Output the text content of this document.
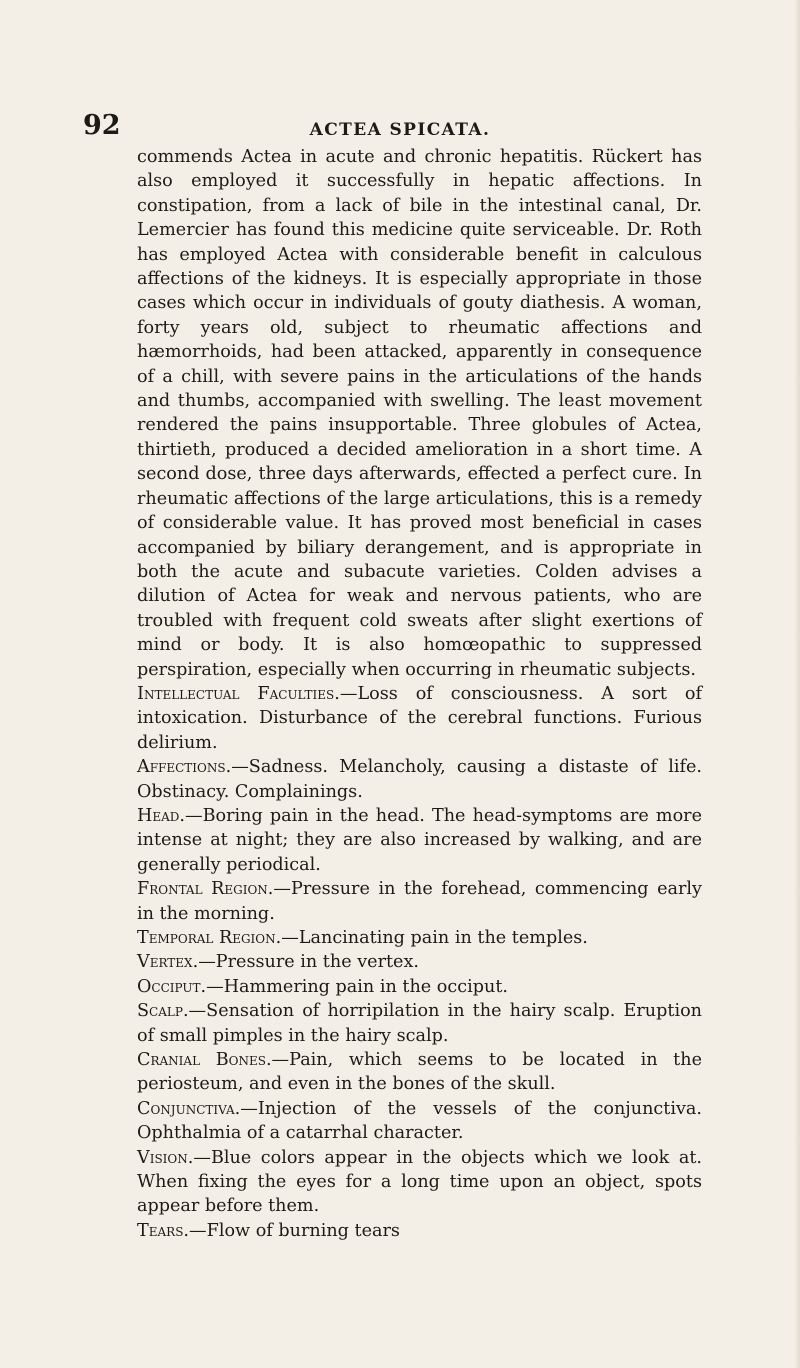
92	ACTEA SPICATA.

commends Actea in acute and chronic hepatitis. Rückert has also employed it successfully in hepatic affections. In constipation, from a lack of bile in the intestinal canal, Dr. Lemercier has found this medicine quite serviceable. Dr. Roth has employed Actea with considerable benefit in calculous affections of the kidneys. It is especially appropriate in those cases which occur in individuals of gouty diathesis. A woman, forty years old, subject to rheumatic affections and hæmorrhoids, had been attacked, apparently in consequence of a chill, with severe pains in the articulations of the hands and thumbs, accompanied with swelling. The least movement rendered the pains insupportable. Three globules of Actea, thirtieth, produced a decided amelioration in a short time. A second dose, three days afterwards, effected a perfect cure. In rheumatic affections of the large articulations, this is a remedy of considerable value. It has proved most beneficial in cases accompanied by biliary derangement, and is appropriate in both the acute and subacute varieties. Colden advises a dilution of Actea for weak and nervous patients, who are troubled with frequent cold sweats after slight exertions of mind or body. It is also homœopathic to suppressed perspiration, especially when occurring in rheumatic subjects.

Intellectual Faculties.—Loss of consciousness. A sort of intoxication. Disturbance of the cerebral functions. Furious delirium.

Affections.—Sadness. Melancholy, causing a distaste of life. Obstinacy. Complainings.

Head.—Boring pain in the head. The head-symptoms are more intense at night; they are also increased by walking, and are generally periodical.

Frontal Region.—Pressure in the forehead, commencing early in the morning.

Temporal Region.—Lancinating pain in the temples.

Vertex.—Pressure in the vertex.

Occiput.—Hammering pain in the occiput.

Scalp.—Sensation of horripilation in the hairy scalp. Eruption of small pimples in the hairy scalp.

Cranial Bones.—Pain, which seems to be located in the periosteum, and even in the bones of the skull.

Conjunctiva.—Injection of the vessels of the conjunctiva. Ophthalmia of a catarrhal character.

Vision.—Blue colors appear in the objects which we look at. When fixing the eyes for a long time upon an object, spots appear before them.

Tears.—Flow of burning tears
